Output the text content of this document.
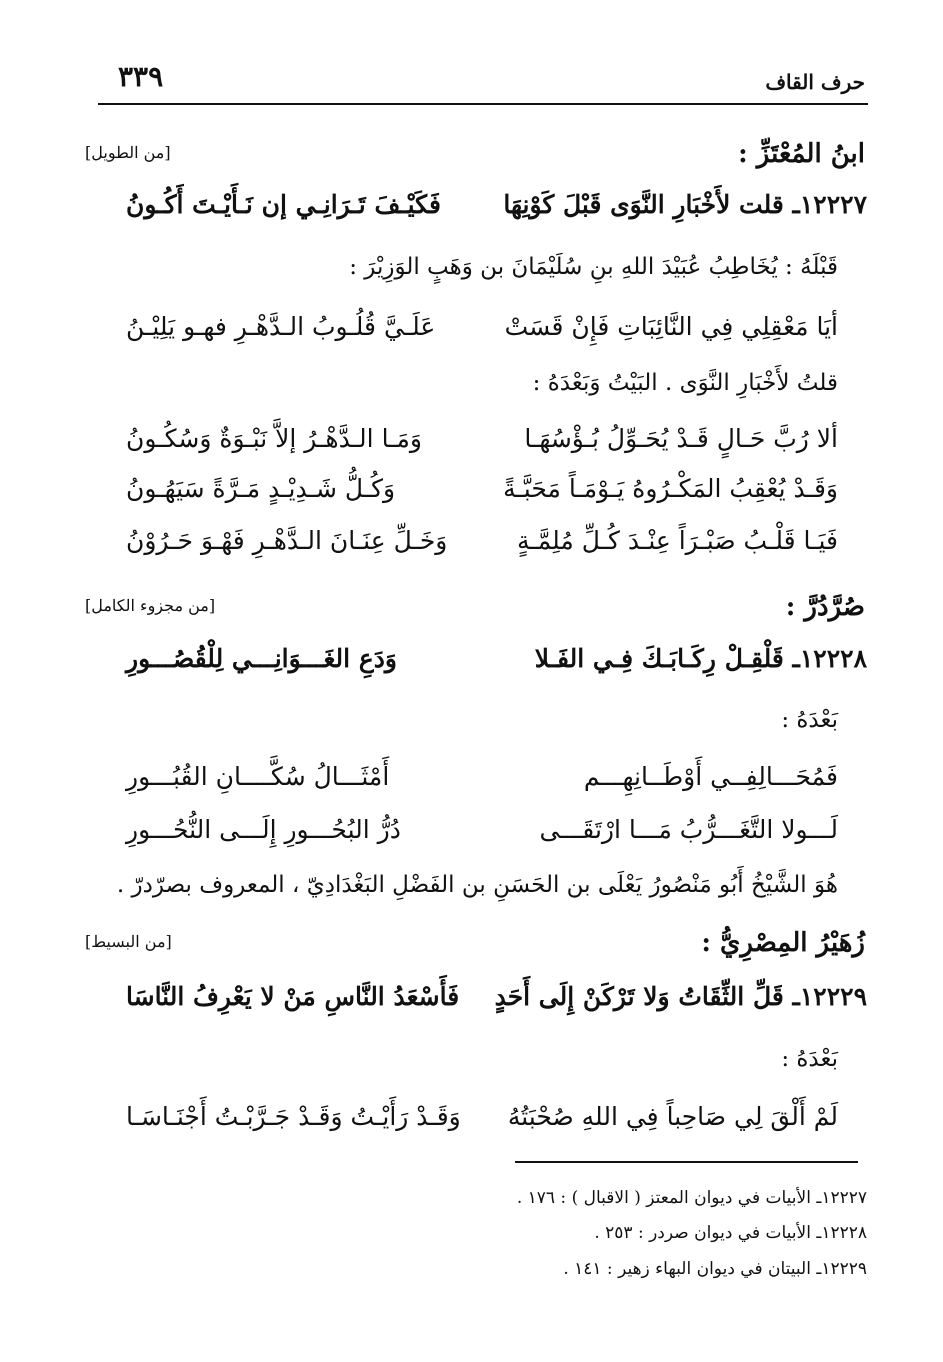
حرف القاف
٣٣٩
ابنُ المُعْتَزِّ :
[من الطويل]
١٢٢٢٧ـ قلت لأَخْبَارِ النَّوَى قَبْلَ كَوْنِهَا
فَكَيْـفَ تَـرَانِـي إن نَـأَيْـتَ أَكُـونُ
قَبْلَهُ : يُخَاطِبُ عُبَيْدَ اللهِ بنِ سُلَيْمَانَ بن وَهَبٍ الوَزِيْرَ :
أيَا مَعْقِلِي فِي النَّائِبَاتِ فَإِنْ قَسَتْ
عَلَـيَّ قُلُـوبُ الـدَّهْـرِ فهـو يَلِيْـنُ
قلتُ لأَخْبَارِ النَّوَى . البَيْتُ وَبَعْدَهُ :
ألا رُبَّ حَـالٍ قَـدْ يُحَـوِّلُ بُـؤْسُهَـا
وَمَـا الـدَّهْـرُ إلاَّ نَبْـوَةٌ وَسُكُـونُ
وَقَـدْ يُعْقِبُ المَكْـرُوهُ يَـوْمَـاً مَحَبَّـةً
وَكُـلُّ شَـدِيْـدٍ مَـرَّةً سَيَهُـونُ
فَيَـا قَلْـبُ صَبْـرَاً عِنْـدَ كُـلِّ مُلِمَّـةٍ
وَخَـلِّ عِنَـانَ الـدَّهْـرِ فَهْـوَ حَـرُوْنُ
صُرَّدُرَّ :
[من مجزوء الكامل]
١٢٢٢٨ـ قَلْقِـلْ رِكَـابَـكَ فِـي الفَـلا
وَدَعِ الغَـــوَانِـــي لِلْقُصُـــورِ
بَعْدَهُ :
فَمُحَـــالِفِــي أَوْطَــانِهِـــم
أَمْثَـــالُ سُكَّــــانِ القُبُـــورِ
لَـــولا التَّغَـــرُّبُ مَـــا ارْتَقَـــى
دُرُّ البُحُـــورِ إِلَـــى النُّحُـــورِ
هُوَ الشَّيْخُ أَبُو مَنْصُورُ يَعْلَى بن الحَسَنِ بن الفَضْلِ البَغْدَادِيّ ، المعروف بصرّدرّ .
زُهَيْرُ المِصْرِيُّ :
[من البسيط]
١٢٢٢٩ـ قَلِّ الثِّقَاتُ وَلا تَرْكَنْ إِلَى أَحَدٍ
فَأَسْعَدُ النَّاسِ مَنْ لا يَعْرِفُ النَّاسَا
بَعْدَهُ :
لَمْ أَلْقَ لِي صَاحِباً فِي اللهِ صُحْبَتُهُ
وَقَـدْ رَأَيْـتُ وَقَـدْ جَـرَّبْـتُ أَجْنَـاسَـا
١٢٢٢٧ـ الأبيات في ديوان المعتز ( الاقبال ) : ١٧٦ .
١٢٢٢٨ـ الأبيات في ديوان صردر : ٢٥٣ .
١٢٢٢٩ـ البيتان في ديوان البهاء زهير : ١٤١ .
